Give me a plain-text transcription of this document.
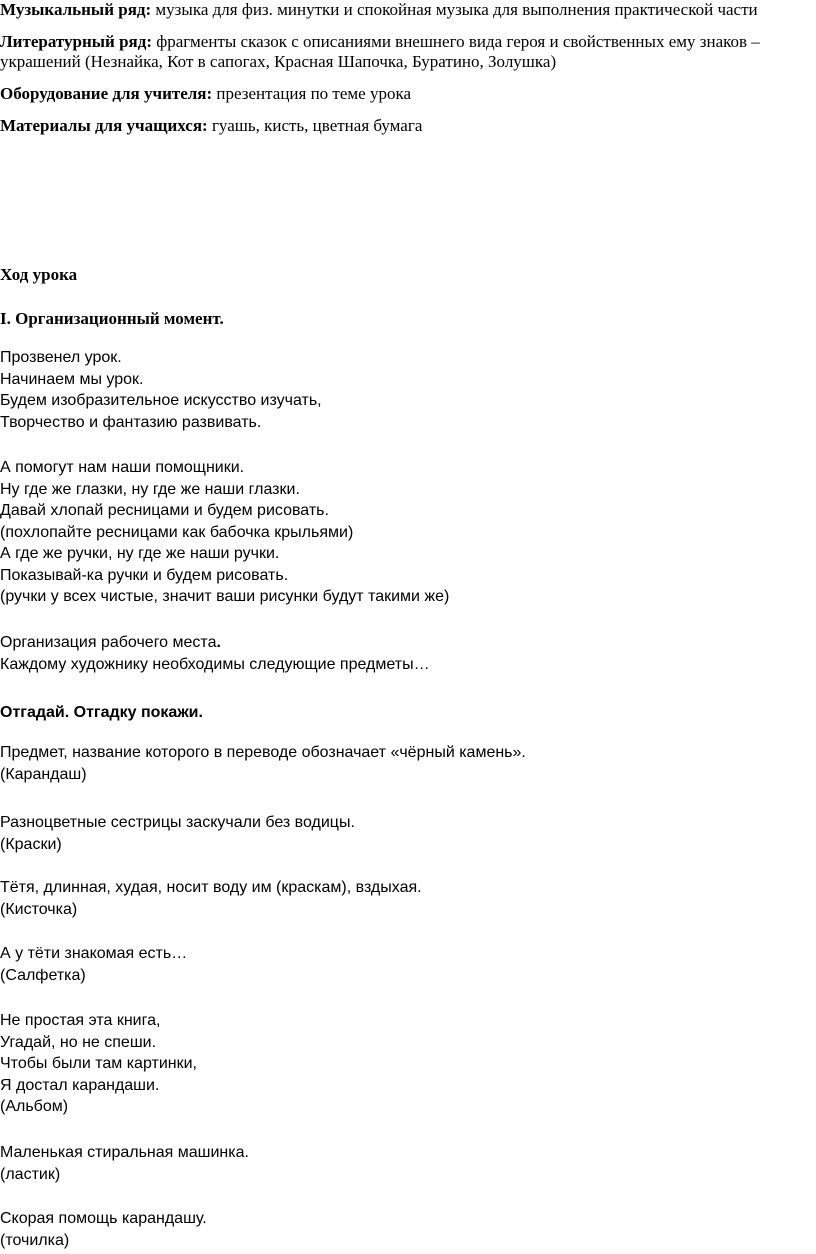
Музыкальный ряд: музыка для физ. минутки и спокойная музыка для выполнения практической части

Литературный ряд: фрагменты сказок с описаниями внешнего вида героя и свойственных ему знаков – украшений (Незнайка, Кот в сапогах, Красная Шапочка, Буратино, Золушка)

Оборудование для учителя: презентация по теме урока

Материалы для учащихся: гуашь, кисть, цветная бумага

Ход урока

I. Организационный момент.

Прозвенел урок.
Начинаем мы урок.
Будем изобразительное искусство изучать,
Творчество и фантазию развивать.
А помогут нам наши помощники.
Ну где же глазки, ну где же наши глазки.
Давай хлопай ресницами и будем рисовать.
(похлопайте ресницами как бабочка крыльями)
А где же ручки, ну где же наши ручки.
Показывай-ка ручки и будем рисовать.
(ручки у всех чистые, значит ваши рисунки будут такими же)
Организация рабочего места.
Каждому художнику необходимы следующие предметы…

Отгадай. Отгадку покажи.

Предмет, название которого в переводе обозначает «чёрный камень».
(Карандаш)
Разноцветные сестрицы заскучали без водицы.
(Краски)
Тётя, длинная, худая, носит воду им (краскам), вздыхая.
(Кисточка)
А у тёти знакомая есть…
(Салфетка)
Не простая эта книга,
Угадай, но не спеши.
Чтобы были там картинки,
Я достал карандаши.
(Альбом)
Маленькая стиральная машинка.
(ластик)
Скорая помощь карандашу.
(точилка)
